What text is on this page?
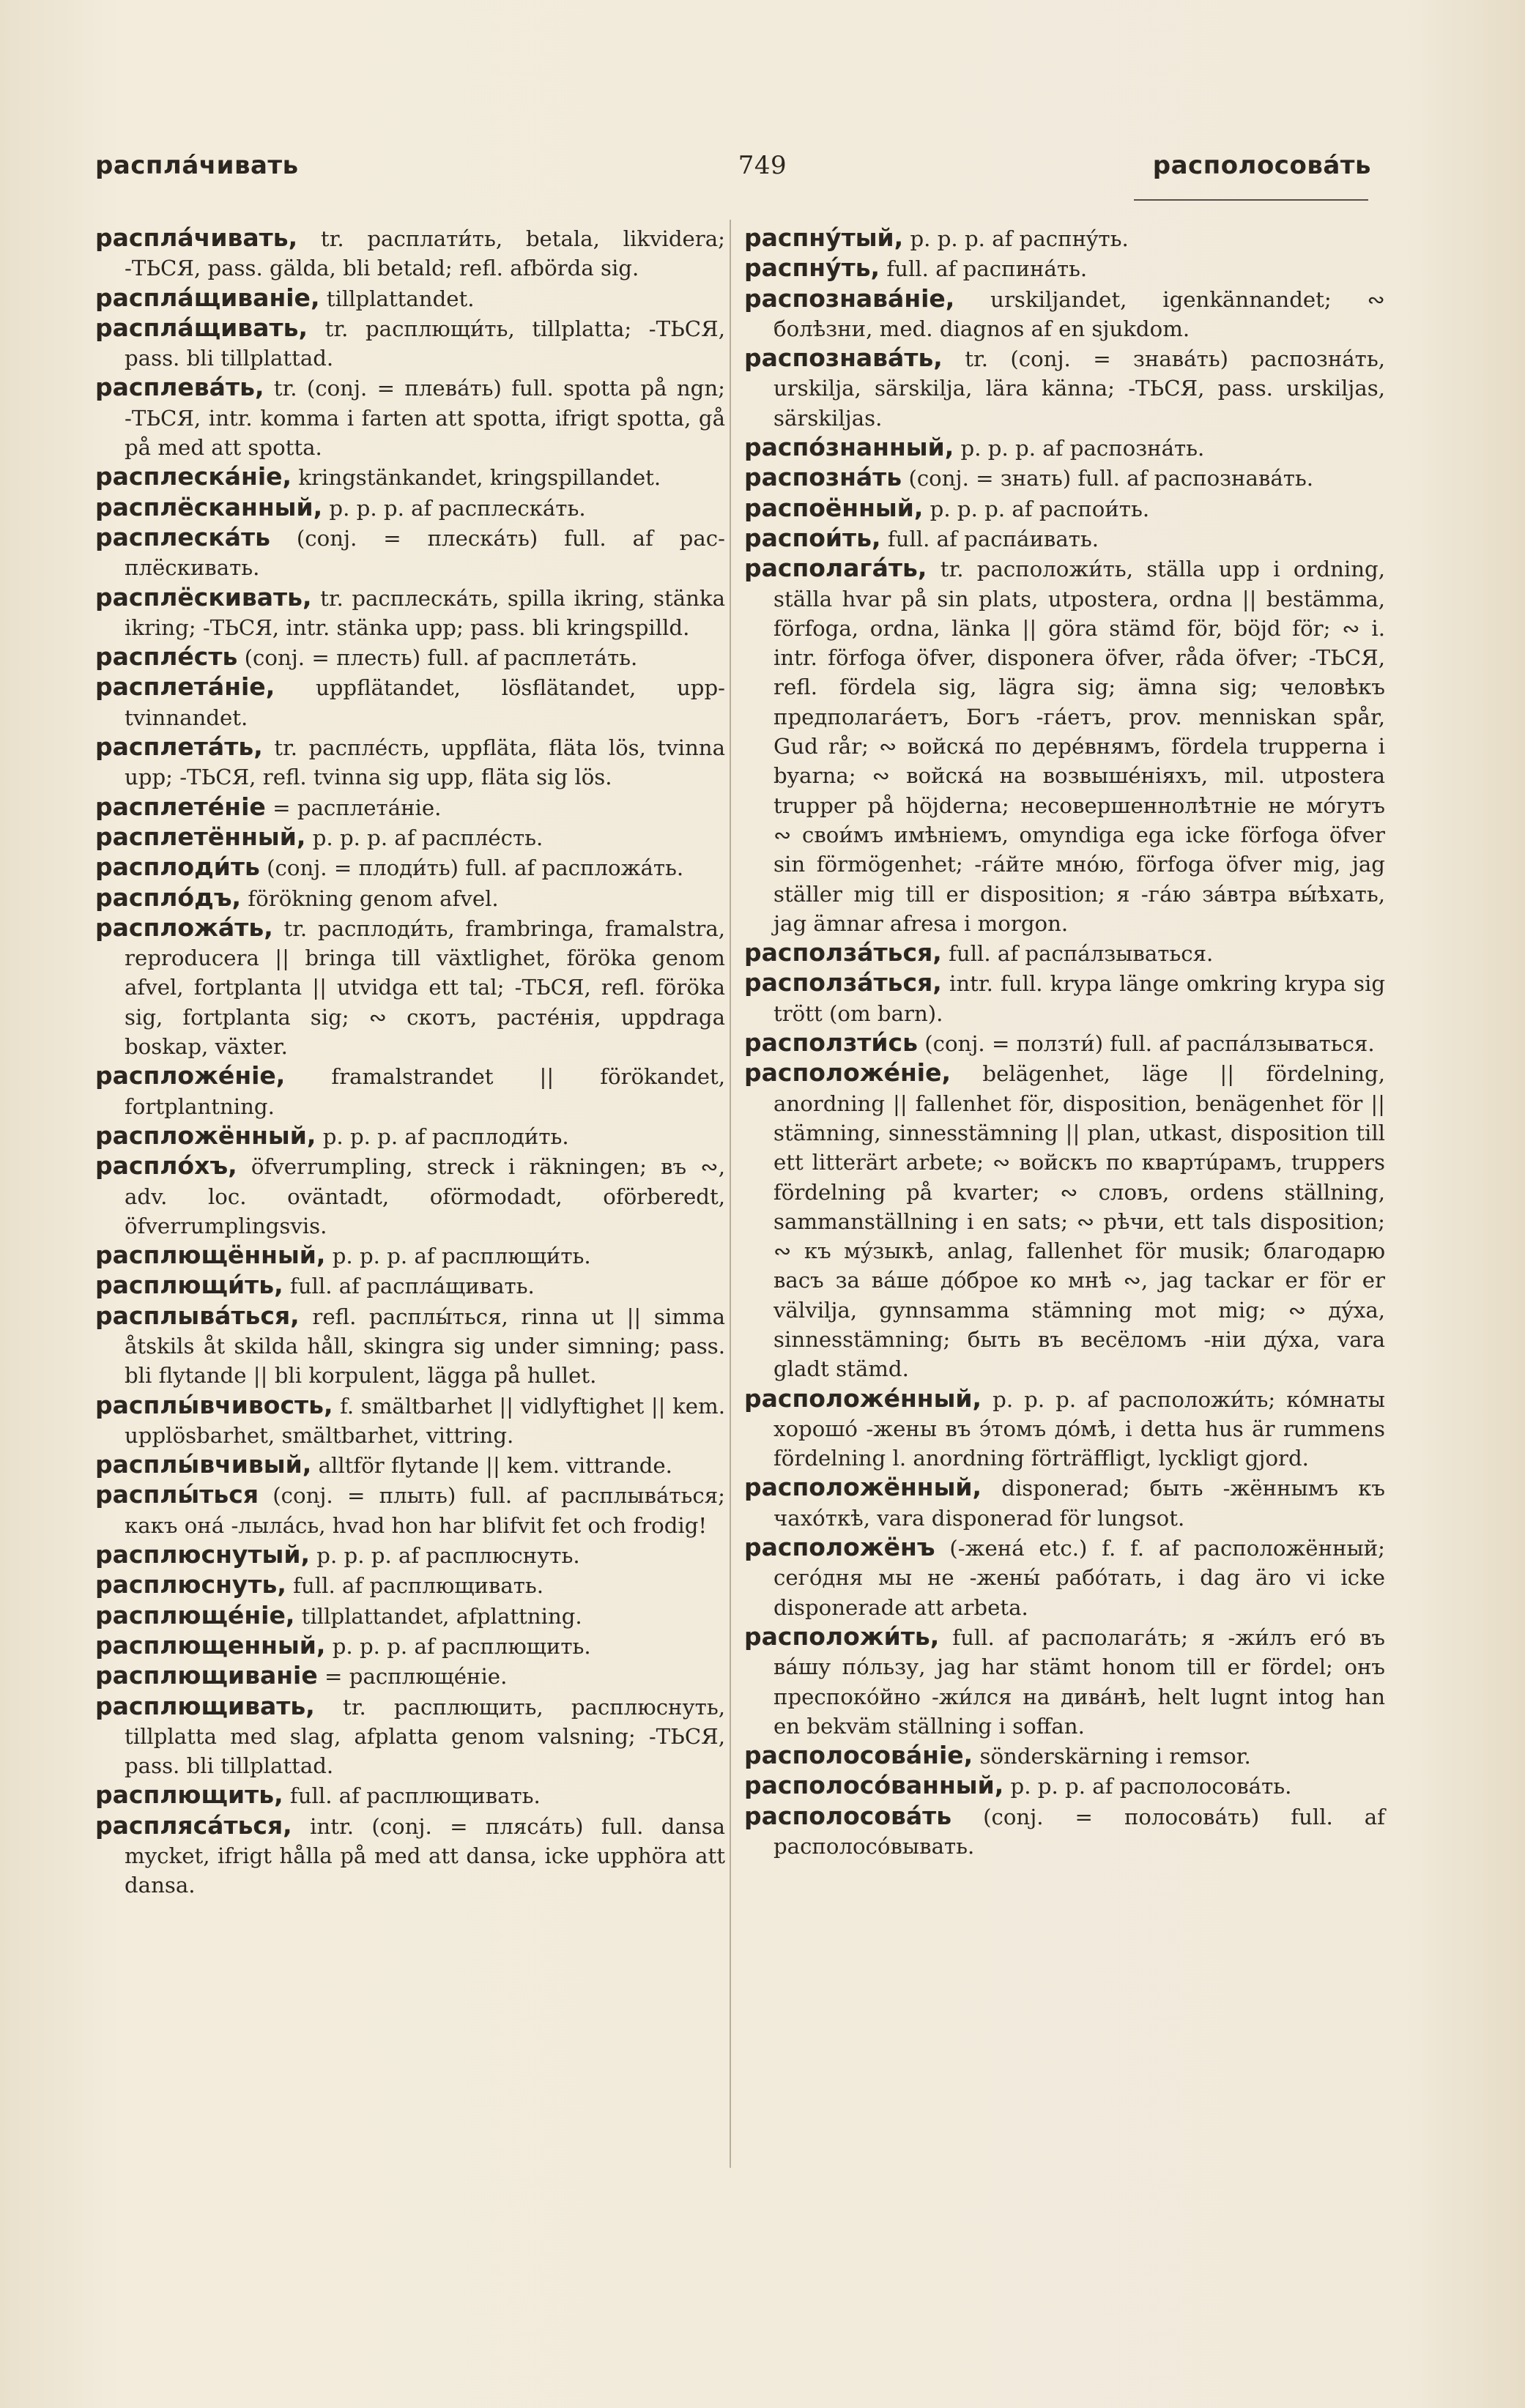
расплáчивать	749	располосовáть

расплáчивать, tr. расплати́ть, betala, likvidera; -ТЬСЯ, pass. gälda, bli betald; refl. afbörda sig.

расплáщиванiе, tillplattandet.

расплáщивать, tr. расплющи́ть, tillplatta; -ТЬСЯ, pass. bli tillplattad.

расплевáть, tr. (conj. = плевáть) full. spotta på ngn; -ТЬСЯ, intr. komma i farten att spotta, ifrigt spotta, gå på med att spotta.

расплескáнiе, kringstänkandet, kringspillandet.

расплёсканный, p. p. p. af расплескáть.

расплескáть (conj. = плескáть) full. af расплёскивать.

расплёскивать, tr. расплескáть, spilla ikring, stänka ikring; -ТЬСЯ, intr. stänka upp; pass. bli kringspilld.

расплéсть (conj. = плесть) full. af расплeтáть.

расплетáнiе, uppflätandet, lösflätandet, upptvinnandet.

расплетáть, tr. расплéсть, uppfläta, fläta lös, tvinna upp; -ТЬСЯ, refl. tvinna sig upp, fläta sig lös.

расплетéнiе = расплетáнiе.

расплетённый, p. p. p. af расплéсть.

расплоди́ть (conj. = плоди́ть) full. af расплoжáть.

расплóдъ, förökning genom afvel.

расплoжáть, tr. расплоди́ть, frambringa, framalstra, reproducera || bringa till växtlighet, föröka genom afvel, fortplanta || utvidga ett tal; -ТЬСЯ, refl. föröka sig, fortplanta sig; ∾ скотъ, растéнiя, uppdraga boskap, växter.

расплoжéнiе, framalstrandet || förökandet, fortplantning.

расплoжённый, p. p. p. af расплоди́ть.

расплóхъ, öfverrumpling, streck i räkningen; въ ∾, adv. loc. oväntadt, oförmodadt, oförberedt, öfverrumplingsvis.

расплющённый, p. p. p. af расплющи́ть.

расплющи́ть, full. af расплáщивать.

расплывáться, refl. расплы́ться, rinna ut || simma åtskils åt skilda håll, skingra sig under simning; pass. bli flytande || bli korpulent, lägga på hullet.

расплы́вчивость, f. smältbarhet || vidlyftighet || kem. upplösbarhet, smältbarhet, vittring.

расплы́вчивый, alltför flytande || kem. vittrande.

расплы́ться (conj. = плыть) full. af расплывáться; какъ онá -лылáсь, hvad hon har blifvit fet och frodig!

расплюснутый, p. p. p. af расплюснуть.

расплюснуть, full. af расплющивать.

расплющéнiе, tillplattandet, afplattning.

расплющенный, p. p. p. af расплющить.

расплющиванiе = расплющéнiе.

расплющивать, tr. расплющить, расплюснуть, tillplatta med slag, afplatta genom valsning; -ТЬСЯ, pass. bli tillplattad.

расплющить, full. af расплющивать.

расплясáться, intr. (conj. = плясáть) full. dansa mycket, ifrigt hålla på med att dansa, icke upphöra att dansa.

распнýтый, p. p. p. af распнýть.

распнýть, full. af распинáть.

распознавáнiе, urskiljandet, igenkännandet; ∾ болѣзни, med. diagnos af en sjukdom.

распознавáть, tr. (conj. = знавáть) распознáть, urskilja, särskilja, lära känna; -ТЬСЯ, pass. urskiljas, särskiljas.

распóзнанный, p. p. p. af распознáть.

распознáть (conj. = знать) full. af распознавáть.

распоённый, p. p. p. af распои́ть.

распои́ть, full. af распáивать.

располагáть, tr. расположи́ть, ställa upp i ordning, ställa hvar på sin plats, utpostera, ordna || bestämma, förfoga, ordna, länka || göra stämd för, böjd för; ∾ i. intr. förfoga öfver, disponera öfver, råda öfver; -ТЬСЯ, refl. fördela sig, lägra sig; ämna sig; человѣкъ предполагáетъ, Богъ -гáетъ, prov. menniskan spår, Gud rår; ∾ войскá по дерéвнямъ, fördela trupperna i byarna; ∾ войскá на возвышéнiяхъ, mil. utpostera trupper på höjderna; несовершеннолѣтнiе не мóгутъ ∾ свои́мъ имѣнiемъ, omyndiga ega icke förfoga öfver sin förmögenhet; -гáйте мнóю, förfoga öfver mig, jag ställer mig till er disposition; я -гáю зáвтра вы́ѣхать, jag ämnar afresa i morgon.

расползáться, full. af распáлзываться.

расползáться, intr. full. krypa länge omkring krypa sig trött (om barn).

расползти́сь (conj. = ползти́) full. af распáлзываться.

располoжéнiе, belägenhet, läge || fördelning, anordning || fallenhet för, disposition, benägenhet för || stämning, sinnesstämning || plan, utkast, disposition till ett litterärt arbete; ∾ войскъ по квартúрамъ, truppers fördelning på kvarter; ∾ словъ, ordens ställning, sammanställning i en sats; ∾ рѣчи, ett tals disposition; ∾ къ мýзыкѣ, anlag, fallenhet för musik; благодарю васъ за вáше дóброе ко мнѣ ∾, jag tackar er för er välvilja, gynnsamma stämning mot mig; ∾ дýха, sinnesstämning; быть въ весёломъ -нiи дýха, vara gladt stämd.

располoжéнный, p. p. p. af расположи́ть; кóмнаты хорошó -жены въ э́томъ дóмѣ, i detta hus är rummens fördelning l. anordning förträffligt, lyckligt gjord.

располoжённый, disponerad; быть -жённымъ къ чахóткѣ, vara disponerad för lungsot.

располoжёнъ (-женá etc.) f. f. af расположённый; сегóдня мы не -жены́ рабóтать, i dag äro vi icke disponerade att arbeta.

расположи́ть, full. af располагáть; я -жи́лъ егó въ вáшу пóльзу, jag har stämt honom till er fördel; онъ преспокóйно -жи́лся на дивáнѣ, helt lugnt intog han en bekväm ställning i soffan.

располосовáнiе, sönderskärning i remsor.

располосóванный, p. p. p. af располосовáть.

располосовáть (conj. = полосовáть) full. af располосóвывать.
